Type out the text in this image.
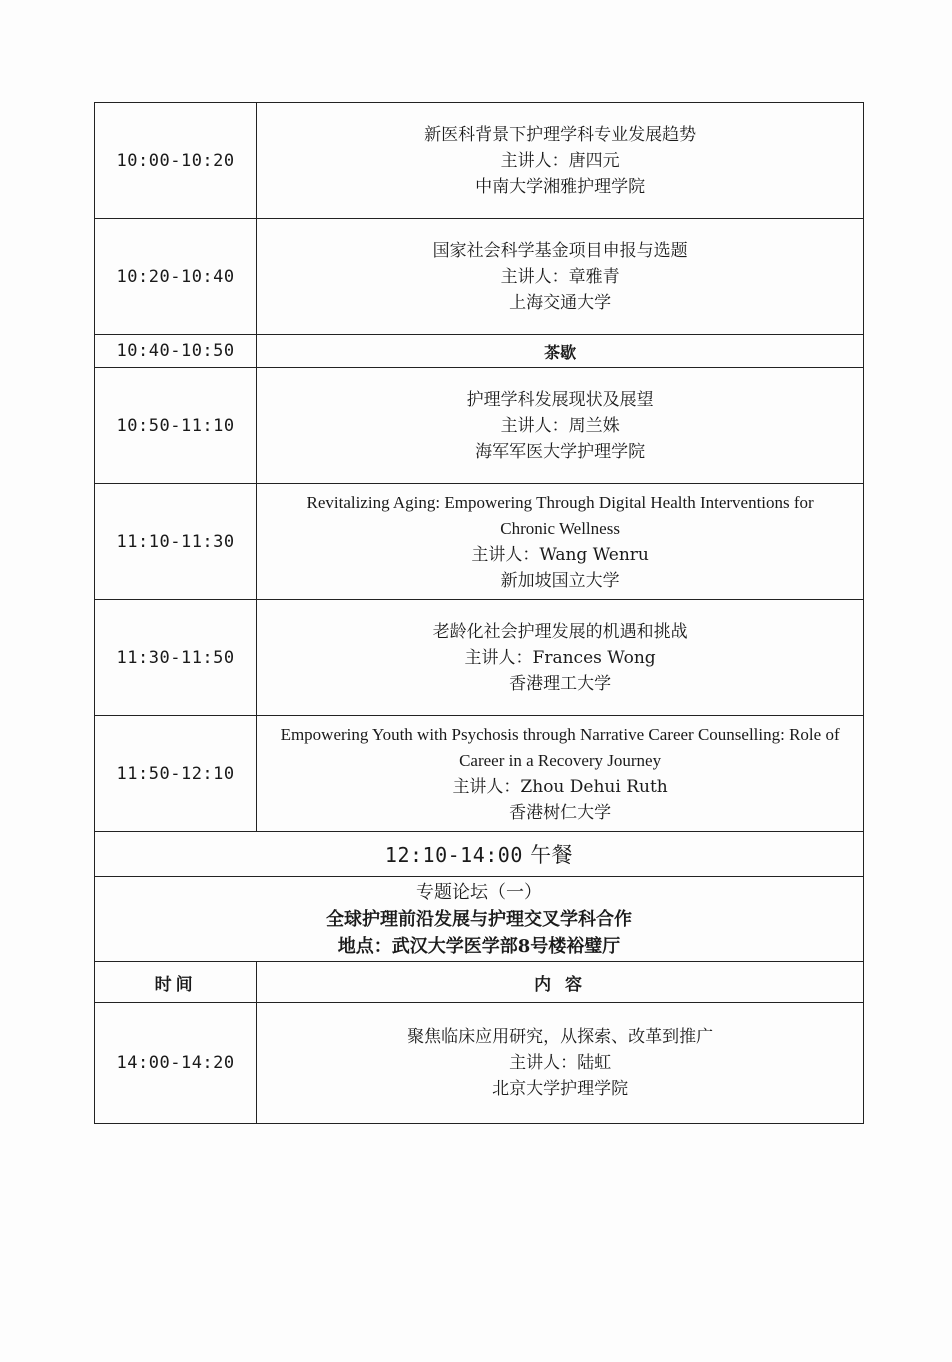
10:00-10:20	新医科背景下护理学科专业发展趋势
主讲人：唐四元
中南大学湘雅护理学院

10:20-10:40	国家社会科学基金项目申报与选题
主讲人：章雅青
上海交通大学

10:40-10:50	茶歇
10:50-11:10	护理学科发展现状及展望
主讲人：周兰姝
海军军医大学护理学院

11:10-11:30	Revitalizing Aging: Empowering Through Digital Health Interventions for
Chronic Wellness
主讲人：Wang Wenru
新加坡国立大学

11:30-11:50	老龄化社会护理发展的机遇和挑战
主讲人：Frances Wong
香港理工大学

11:50-12:10	Empowering Youth with Psychosis through Narrative Career Counselling: Role of
Career in a Recovery Journey
主讲人：Zhou Dehui Ruth
香港树仁大学

12:10-14:00 午餐	

专题论坛（一）
全球护理前沿发展与护理交叉学科合作
地点：武汉大学医学部8号楼裕璧厅	

时间	内 容
14:00-14:20	聚焦临床应用研究，从探索、改革到推广
主讲人：陆虹
北京大学护理学院
